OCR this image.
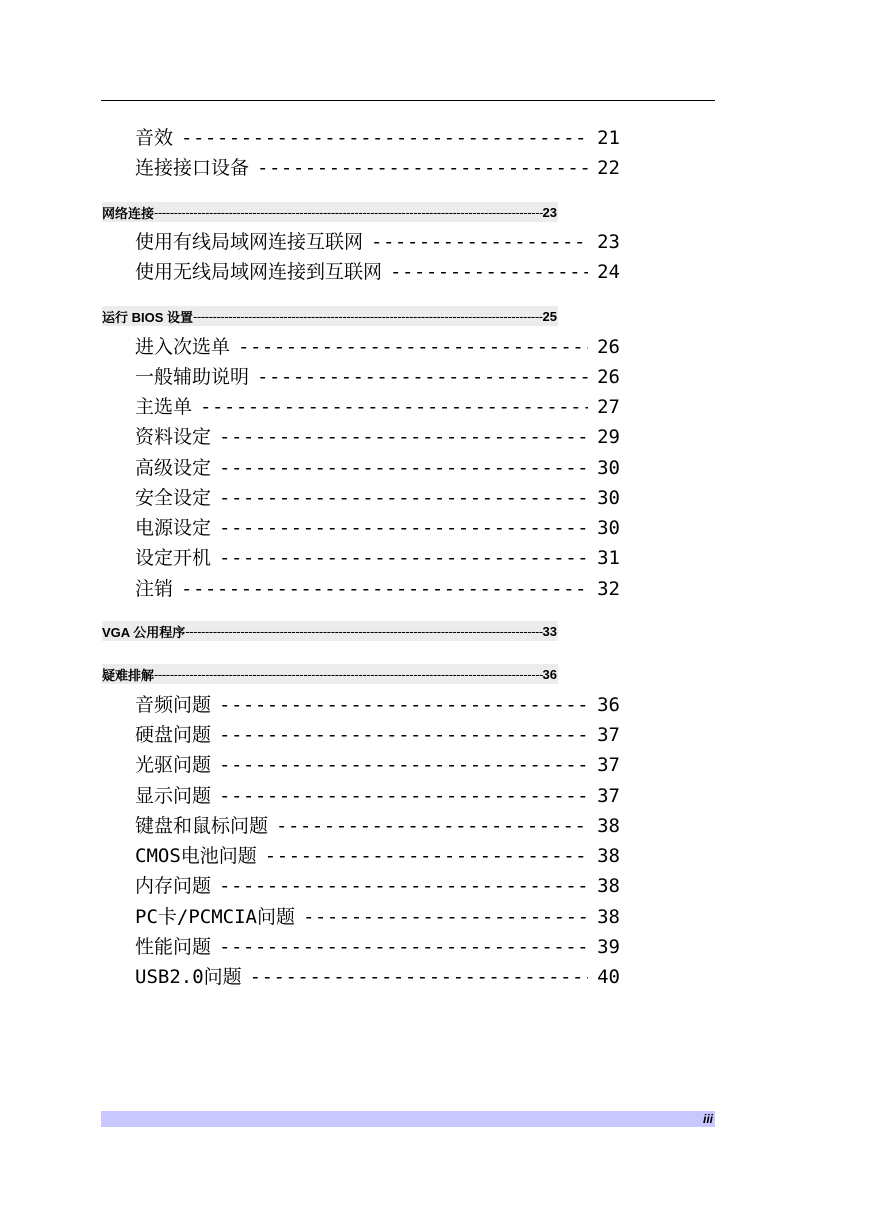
音效 -----	21
连接接口设备 -----	22
网络连接 -----	23
使用有线局域网连接互联网 -----	23
使用无线局域网连接到互联网 -----	24
运行 BIOS 设置 -----	25
进入次选单 -----	26
一般辅助说明 -----	26
主选单 -----	27
资料设定 -----	29
高级设定 -----	30
安全设定 -----	30
电源设定 -----	30
设定开机 -----	31
注销 -----	32
VGA 公用程序 -----	33
疑难排解 -----	36
音频问题 -----	36
硬盘问题 -----	37
光驱问题 -----	37
显示问题 -----	37
键盘和鼠标问题 -----	38
CMOS电池问题 -----	38
内存问题 -----	38
PC卡/PCMCIA问题 -----	38
性能问题 -----	39
USB2.0问题 -----	40
iii
